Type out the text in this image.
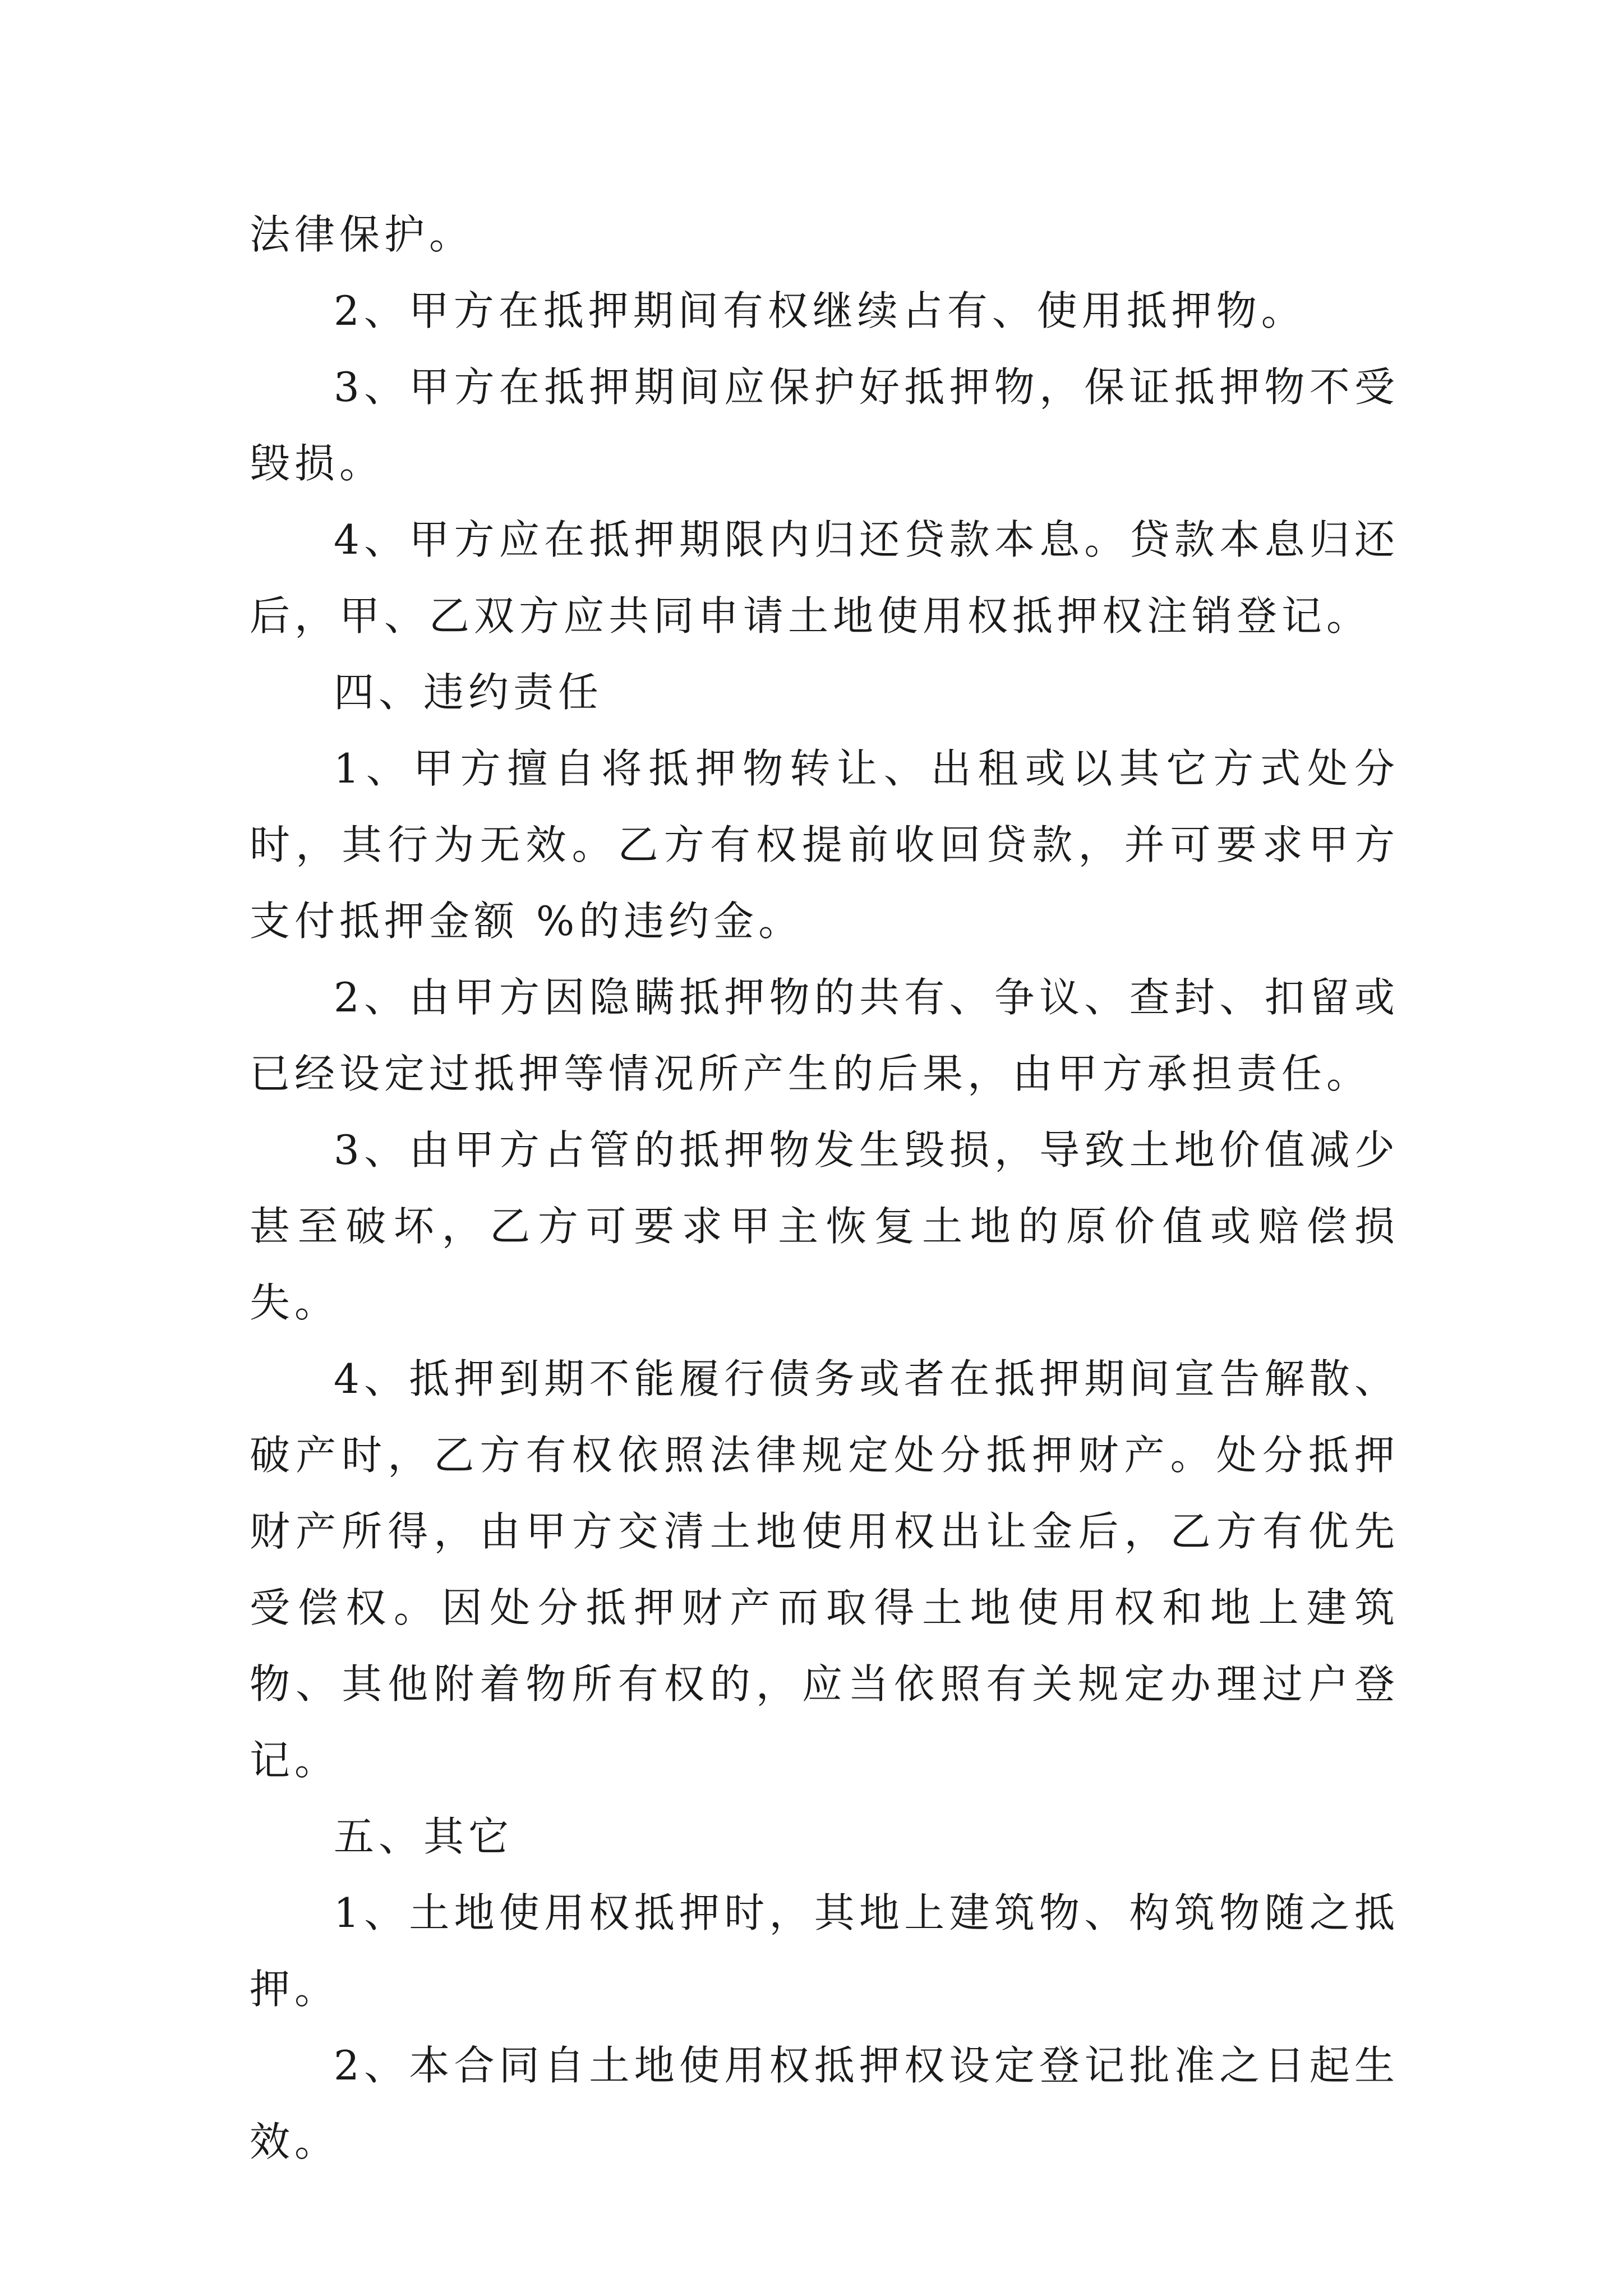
法律保护。

2、甲方在抵押期间有权继续占有、使用抵押物。

3、甲方在抵押期间应保护好抵押物，保证抵押物不受毁损。

4、甲方应在抵押期限内归还贷款本息。贷款本息归还后，甲、乙双方应共同申请土地使用权抵押权注销登记。

四、违约责任

1、甲方擅自将抵押物转让、出租或以其它方式处分时，其行为无效。乙方有权提前收回贷款，并可要求甲方支付抵押金额 %的违约金。

2、由甲方因隐瞒抵押物的共有、争议、查封、扣留或已经设定过抵押等情况所产生的后果，由甲方承担责任。

3、由甲方占管的抵押物发生毁损，导致土地价值减少甚至破坏，乙方可要求甲主恢复土地的原价值或赔偿损失。

4、抵押到期不能履行债务或者在抵押期间宣告解散、破产时，乙方有权依照法律规定处分抵押财产。处分抵押财产所得，由甲方交清土地使用权出让金后，乙方有优先受偿权。因处分抵押财产而取得土地使用权和地上建筑物、其他附着物所有权的，应当依照有关规定办理过户登记。

五、其它

1、土地使用权抵押时，其地上建筑物、构筑物随之抵押。

2、本合同自土地使用权抵押权设定登记批准之日起生效。
